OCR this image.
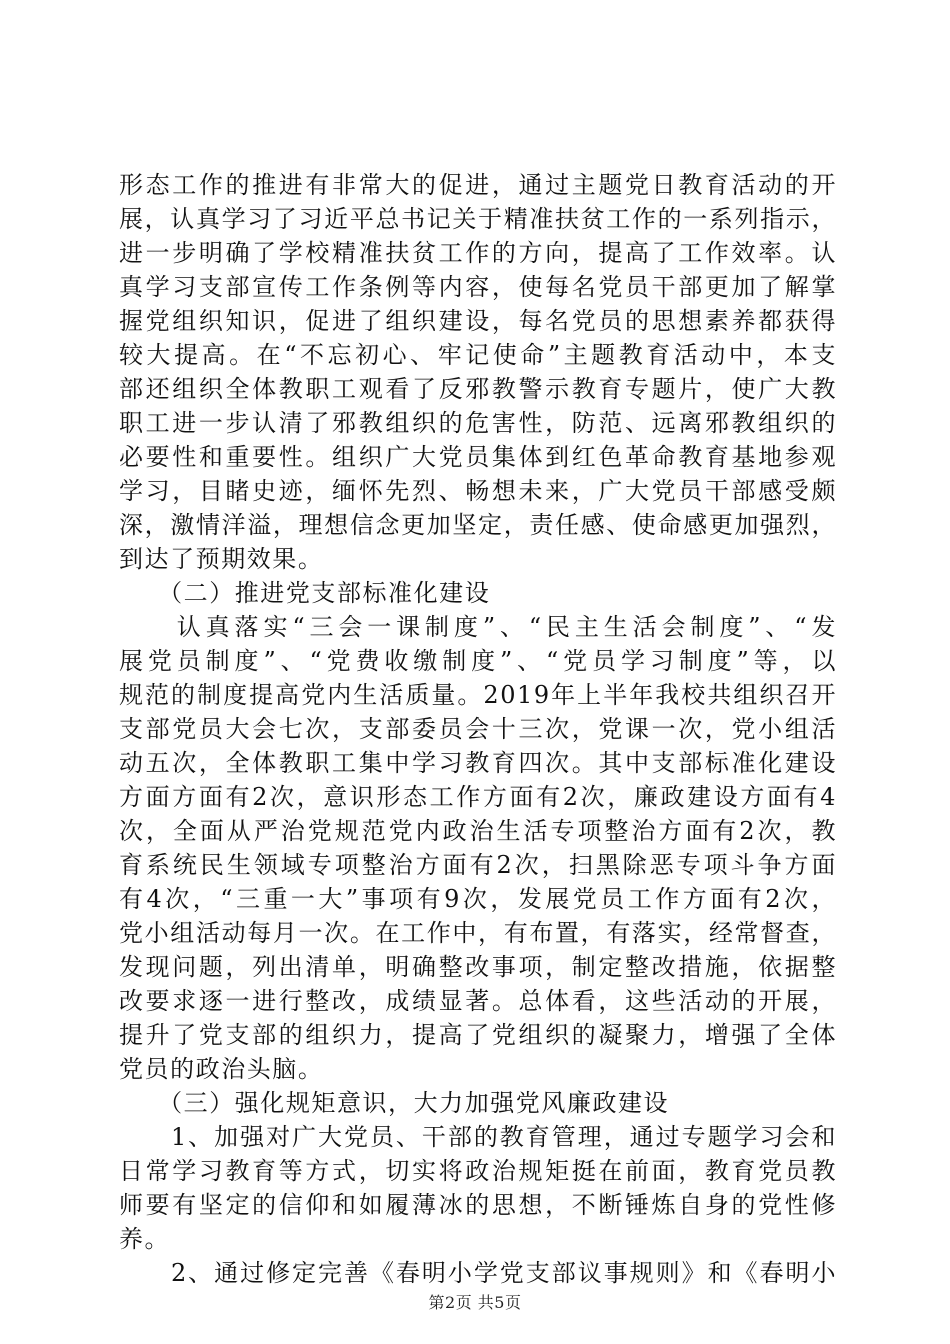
形态工作的推进有非常大的促进，通过主题党日教育活动的开
展，认真学习了习近平总书记关于精准扶贫工作的一系列指示，
进一步明确了学校精准扶贫工作的方向，提高了工作效率。认
真学习支部宣传工作条例等内容，使每名党员干部更加了解掌
握党组织知识，促进了组织建设，每名党员的思想素养都获得
较大提高。在“不忘初心、牢记使命”主题教育活动中，本支
部还组织全体教职工观看了反邪教警示教育专题片，使广大教
职工进一步认清了邪教组织的危害性，防范、远离邪教组织的
必要性和重要性。组织广大党员集体到红色革命教育基地参观
学习，目睹史迹，缅怀先烈、畅想未来，广大党员干部感受颇
深，激情洋溢，理想信念更加坚定，责任感、使命感更加强烈，
到达了预期效果。
　　（二）推进党支部标准化建设
　　认真落实“三会一课制度”、“民主生活会制度”、“发
展党员制度”、“党费收缴制度”、“党员学习制度”等，以
规范的制度提高党内生活质量。2019年上半年我校共组织召开
支部党员大会七次，支部委员会十三次，党课一次，党小组活
动五次，全体教职工集中学习教育四次。其中支部标准化建设
方面方面有2次，意识形态工作方面有2次，廉政建设方面有4
次，全面从严治党规范党内政治生活专项整治方面有2次，教
育系统民生领域专项整治方面有2次，扫黑除恶专项斗争方面
有4次，“三重一大”事项有9次，发展党员工作方面有2次，
党小组活动每月一次。在工作中，有布置，有落实，经常督查，
发现问题，列出清单，明确整改事项，制定整改措施，依据整
改要求逐一进行整改，成绩显著。总体看，这些活动的开展，
提升了党支部的组织力，提高了党组织的凝聚力，增强了全体
党员的政治头脑。
　　（三）强化规矩意识，大力加强党风廉政建设
　　1、加强对广大党员、干部的教育管理，通过专题学习会和
日常学习教育等方式，切实将政治规矩挺在前面，教育党员教
师要有坚定的信仰和如履薄冰的思想，不断锤炼自身的党性修
养。
　　2、通过修定完善《春明小学党支部议事规则》和《春明小
第2页 共5页
